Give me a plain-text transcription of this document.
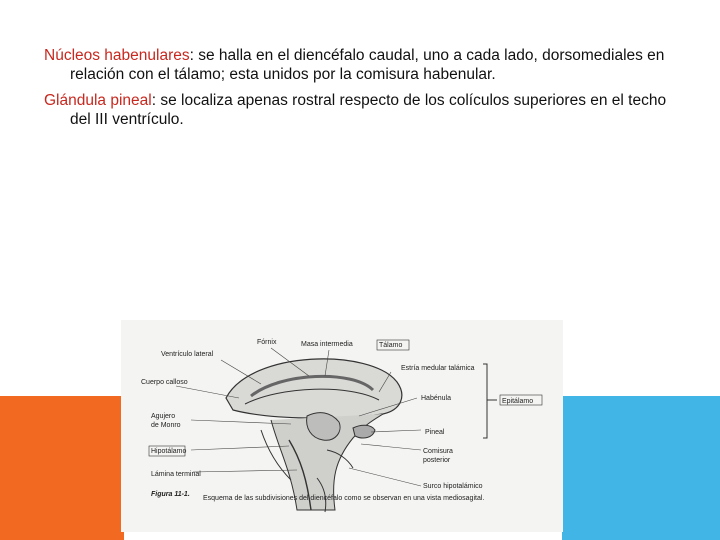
Núcleos habenulares: se halla en el diencéfalo caudal, uno a cada lado, dorsomediales en relación con el tálamo; esta unidos por la comisura habenular.

Glándula pineal: se localiza apenas rostral respecto de los colículos superiores en el techo del III ventrículo.

Fórnix	Masa intermedia	Tálamo
Ventrículo lateral
Estría medular talámica
Cuerpo calloso
Habénula	Epitálamo
Agujero
de Monro
Pineal
Hipotálamo	Comisura
posterior
Lámina terminal
Surco hipotalámico
Figura 11-1.
Esquema de las subdivisiones del diencéfalo como se observan en una vista mediosagital.
